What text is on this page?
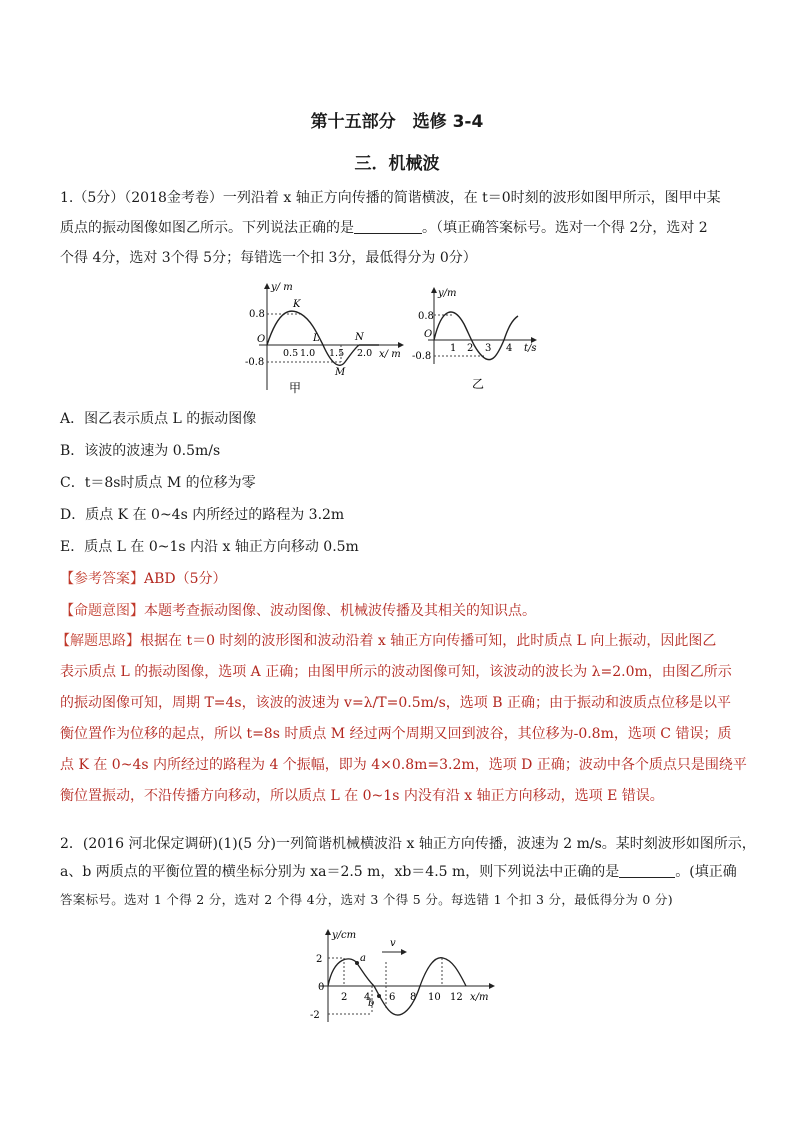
第十五部分　选修 3-4
三．机械波
1.（5分）（2018金考卷）一列沿着 x 轴正方向传播的简谐横波，在 t＝0时刻的波形如图甲所示，图甲中某
质点的振动图像如图乙所示。下列说法正确的是	。（填正确答案标号。选对一个得 2分，选对 2
个得 4分，选对 3个得 5分；每错选一个扣 3分，最低得分为 0分）
y/ m
x/ m
0.8
-0.8
O
0.5 1.0 1.5 2.0
K
L
M
N
甲
y/m
t/s
0.8
-0.8
O
1 2 3 4
乙
A．图乙表示质点 L 的振动图像
B．该波的波速为 0.5m/s
C．t＝8s时质点 M 的位移为零
D．质点 K 在 0~4s 内所经过的路程为 3.2m
E．质点 L 在 0~1s 内沿 x 轴正方向移动 0.5m
【参考答案】ABD（5分）
【命题意图】本题考查振动图像、波动图像、机械波传播及其相关的知识点。
【解题思路】根据在 t＝0 时刻的波形图和波动沿着 x 轴正方向传播可知，此时质点 L 向上振动，因此图乙
表示质点 L 的振动图像，选项 A 正确；由图甲所示的波动图像可知，该波动的波长为 λ=2.0m，由图乙所示
的振动图像可知，周期 T=4s，该波的波速为 v=λ/T=0.5m/s，选项 B 正确；由于振动和波质点位移是以平
衡位置作为位移的起点，所以 t=8s 时质点 M 经过两个周期又回到波谷，其位移为-0.8m，选项 C 错误；质
点 K 在 0~4s 内所经过的路程为 4 个振幅，即为 4×0.8m=3.2m，选项 D 正确；波动中各个质点只是围绕平
衡位置振动，不沿传播方向移动，所以质点 L 在 0~1s 内没有沿 x 轴正方向移动，选项 E 错误。
2．(2016 河北保定调研)(1)(5 分)一列简谐机械横波沿 x 轴正方向传播，波速为 2 m/s。某时刻波形如图所示，
a、b 两质点的平衡位置的横坐标分别为 xa＝2.5 m，xb＝4.5 m，则下列说法中正确的是	。(填正确
答案标号。选对 1 个得 2 分，选对 2 个得 4分，选对 3 个得 5 分。每选错 1 个扣 3 分，最低得分为 0 分)
y/cm
x/m
v
2
-2
0
2 4 6 8 10 12
a
b
